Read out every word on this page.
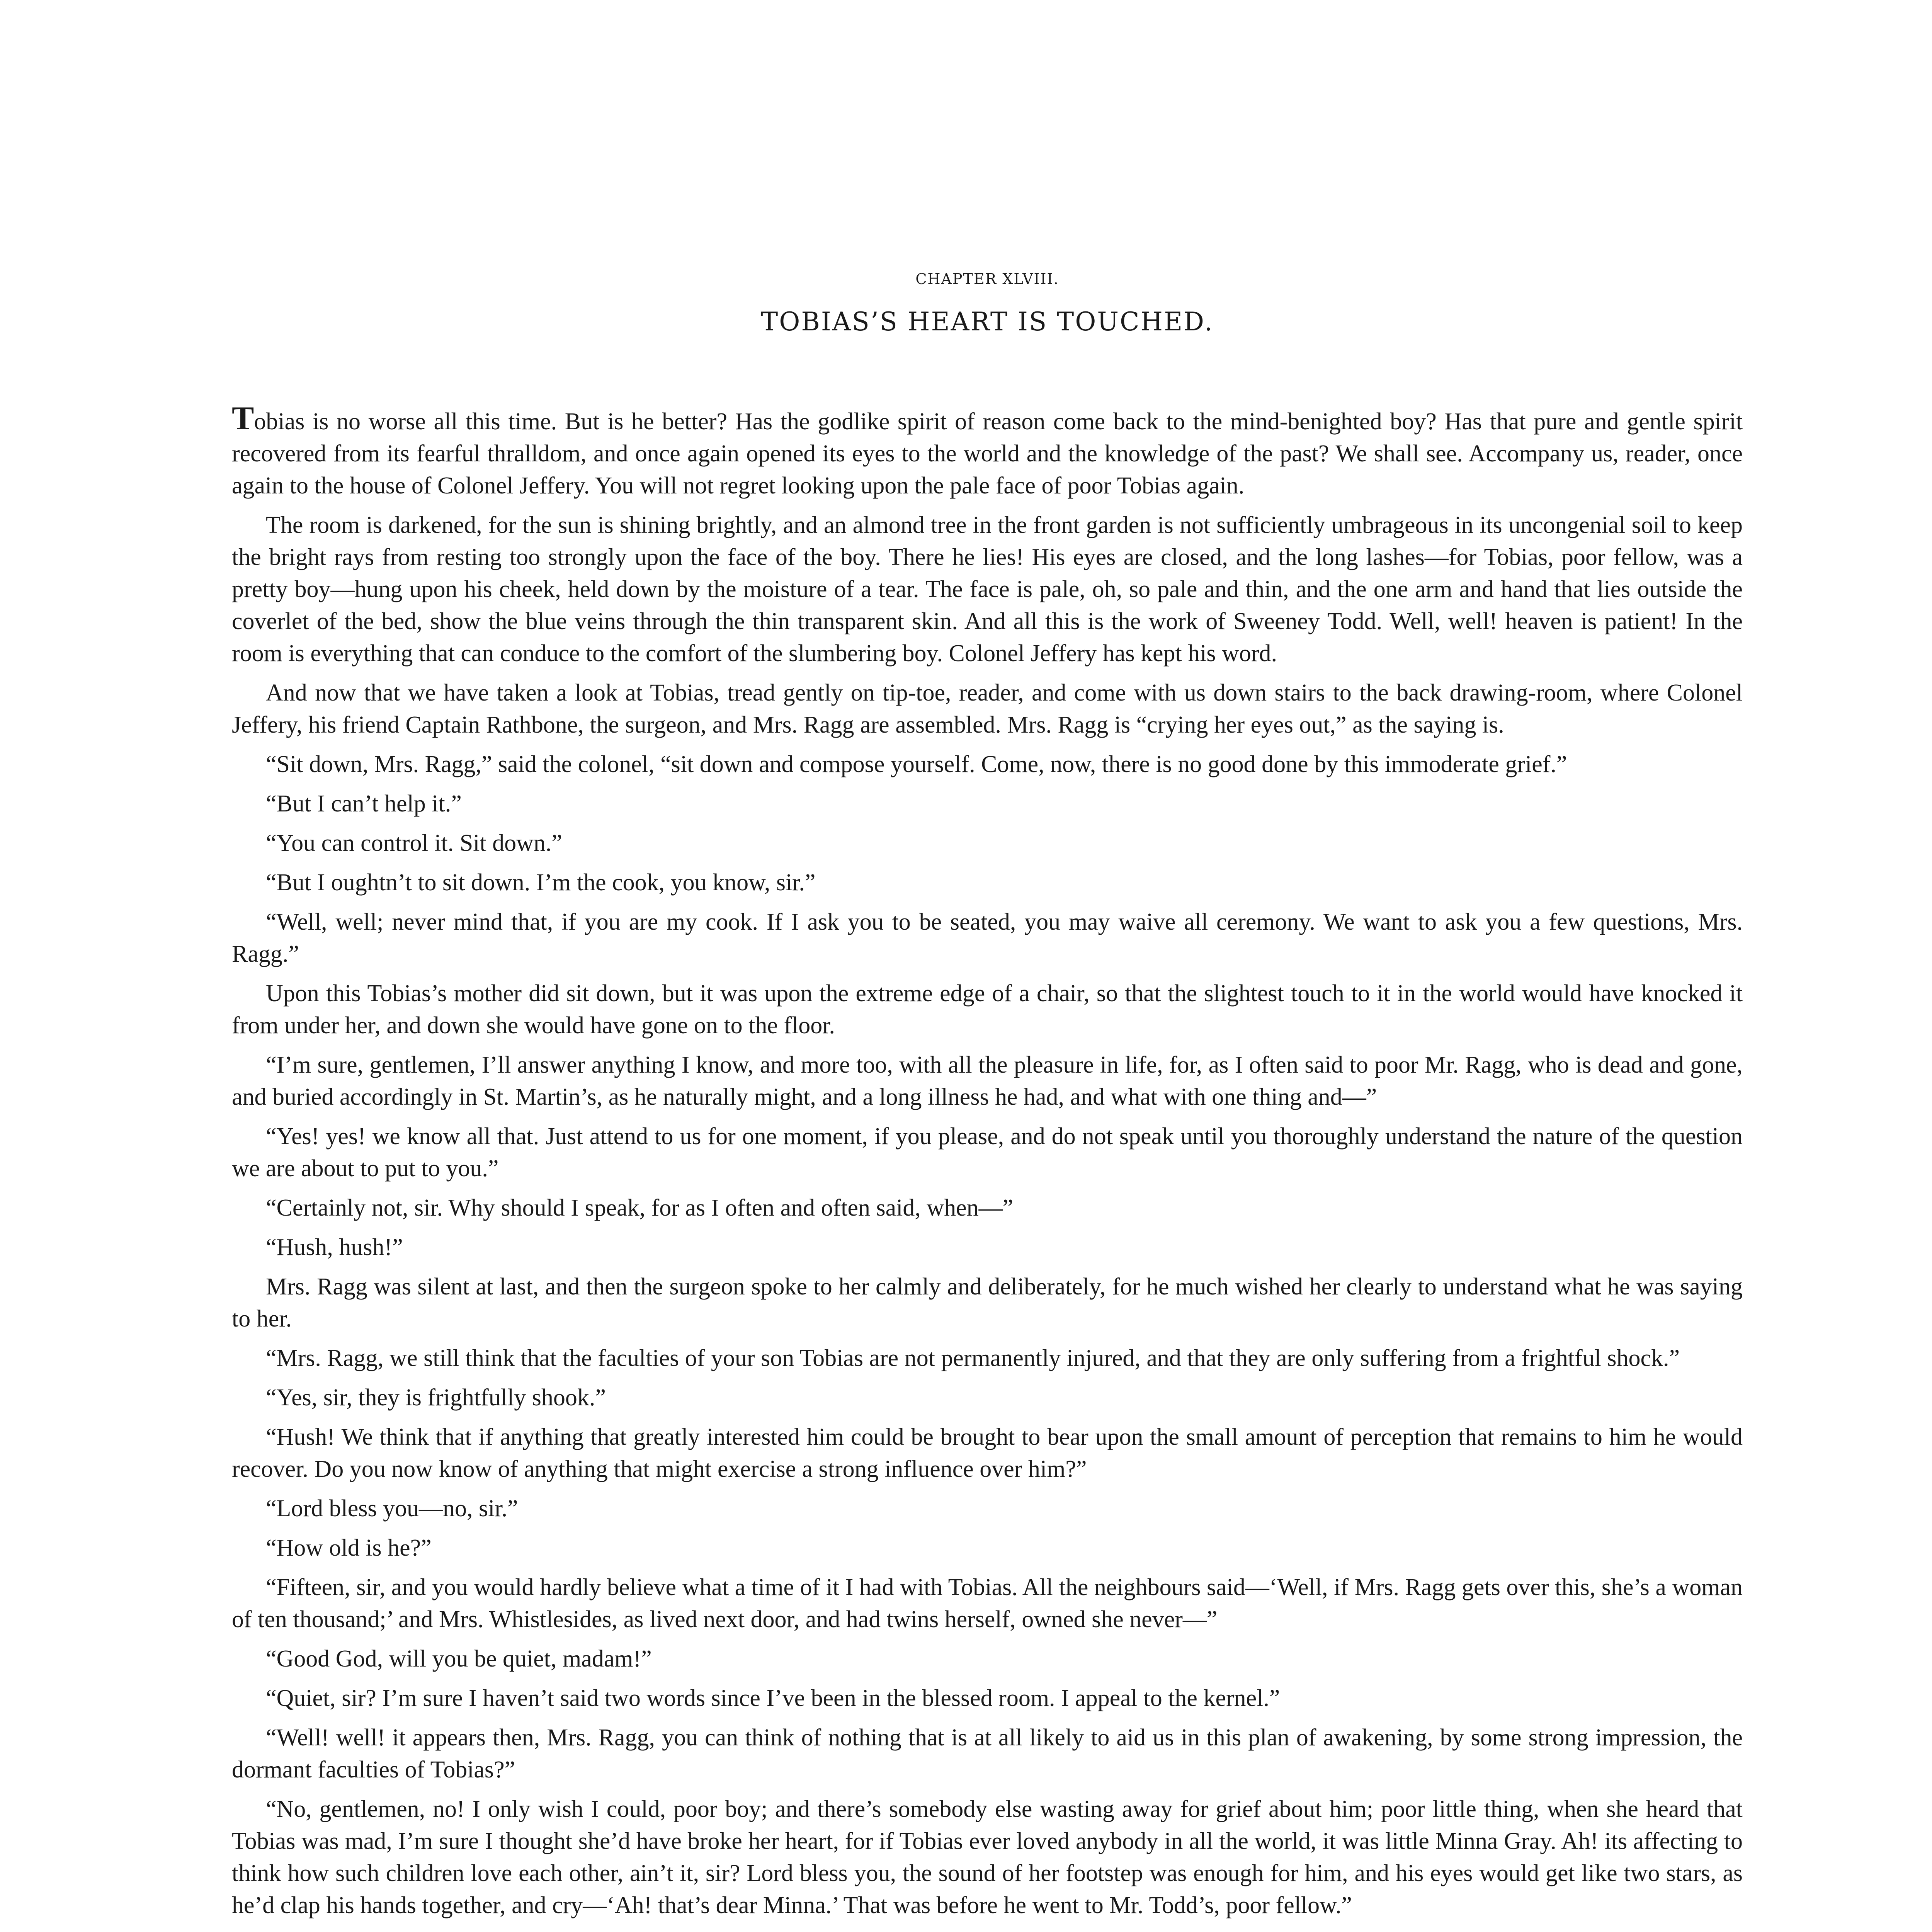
CHAPTER XLVIII.
TOBIAS’S HEART IS TOUCHED.

Tobias is no worse all this time. But is he better? Has the godlike spirit of reason come back to the mind-benighted boy? Has that pure and gentle spirit recovered from its fearful thralldom, and once again opened its eyes to the world and the knowledge of the past? We shall see. Accompany us, reader, once again to the house of Colonel Jeffery. You will not regret looking upon the pale face of poor Tobias again.

The room is darkened, for the sun is shining brightly, and an almond tree in the front garden is not sufficiently umbrageous in its uncongenial soil to keep the bright rays from resting too strongly upon the face of the boy. There he lies! His eyes are closed, and the long lashes—for Tobias, poor fellow, was a pretty boy—hung upon his cheek, held down by the moisture of a tear. The face is pale, oh, so pale and thin, and the one arm and hand that lies outside the coverlet of the bed, show the blue veins through the thin transparent skin. And all this is the work of Sweeney Todd. Well, well! heaven is patient! In the room is everything that can conduce to the comfort of the slumbering boy. Colonel Jeffery has kept his word.

And now that we have taken a look at Tobias, tread gently on tip-toe, reader, and come with us down stairs to the back drawing-room, where Colonel Jeffery, his friend Captain Rathbone, the surgeon, and Mrs. Ragg are assembled. Mrs. Ragg is “crying her eyes out,” as the saying is.

“Sit down, Mrs. Ragg,” said the colonel, “sit down and compose yourself. Come, now, there is no good done by this immoderate grief.”

“But I can’t help it.”

“You can control it. Sit down.”

“But I oughtn’t to sit down. I’m the cook, you know, sir.”

“Well, well; never mind that, if you are my cook. If I ask you to be seated, you may waive all ceremony. We want to ask you a few questions, Mrs. Ragg.”

Upon this Tobias’s mother did sit down, but it was upon the extreme edge of a chair, so that the slightest touch to it in the world would have knocked it from under her, and down she would have gone on to the floor.

“I’m sure, gentlemen, I’ll answer anything I know, and more too, with all the pleasure in life, for, as I often said to poor Mr. Ragg, who is dead and gone, and buried accordingly in St. Martin’s, as he naturally might, and a long illness he had, and what with one thing and—”

“Yes! yes! we know all that. Just attend to us for one moment, if you please, and do not speak until you thoroughly understand the nature of the question we are about to put to you.”

“Certainly not, sir. Why should I speak, for as I often and often said, when—”

“Hush, hush!”

Mrs. Ragg was silent at last, and then the surgeon spoke to her calmly and deliberately, for he much wished her clearly to understand what he was saying to her.

“Mrs. Ragg, we still think that the faculties of your son Tobias are not permanently injured, and that they are only suffering from a frightful shock.”

“Yes, sir, they is frightfully shook.”

“Hush! We think that if anything that greatly interested him could be brought to bear upon the small amount of perception that remains to him he would recover. Do you now know of anything that might exercise a strong influence over him?”

“Lord bless you—no, sir.”

“How old is he?”

“Fifteen, sir, and you would hardly believe what a time of it I had with Tobias. All the neighbours said—‘Well, if Mrs. Ragg gets over this, she’s a woman of ten thousand;’ and Mrs. Whistlesides, as lived next door, and had twins herself, owned she never—”

“Good God, will you be quiet, madam!”

“Quiet, sir? I’m sure I haven’t said two words since I’ve been in the blessed room. I appeal to the kernel.”

“Well! well! it appears then, Mrs. Ragg, you can think of nothing that is at all likely to aid us in this plan of awakening, by some strong impression, the dormant faculties of Tobias?”

“No, gentlemen, no! I only wish I could, poor boy; and there’s somebody else wasting away for grief about him; poor little thing, when she heard that Tobias was mad, I’m sure I thought she’d have broke her heart, for if Tobias ever loved anybody in all the world, it was little Minna Gray. Ah! its affecting to think how such children love each other, ain’t it, sir? Lord bless you, the sound of her footstep was enough for him, and his eyes would get like two stars, as he’d clap his hands together, and cry—‘Ah! that’s dear Minna.’ That was before he went to Mr. Todd’s, poor fellow.”
